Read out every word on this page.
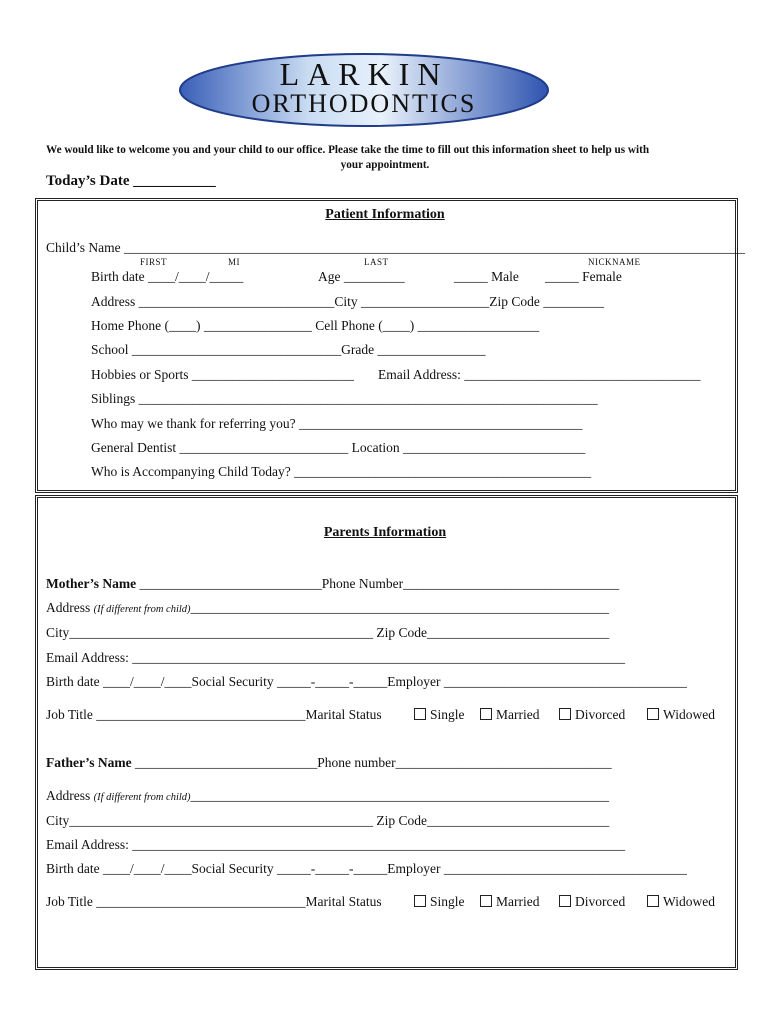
LARKIN
ORTHODONTICS
We would like to welcome you and your child to our office. Please take the time to fill out this information sheet to help us with
your appointment.
Today’s Date ___________
Patient Information
Child’s Name ____________________________________________________________________________________________
FIRST	MI	LAST	NICKNAME
Birth date ____/____/_____	Age _________	_____ Male _____ Female
Address _____________________________City ___________________Zip Code _________
Home Phone (____) ________________ Cell Phone (____) __________________
School _______________________________Grade ________________
Hobbies or Sports ________________________ Email Address: ___________________________________
Siblings ____________________________________________________________________
Who may we thank for referring you? __________________________________________
General Dentist _________________________ Location ___________________________
Who is Accompanying Child Today? ____________________________________________
Parents Information
Mother’s Name ___________________________Phone Number________________________________
Address (If different from child)______________________________________________________________
City_____________________________________________ Zip Code___________________________
Email Address: _________________________________________________________________________
Birth date ____/____/____Social Security _____-_____-_____Employer ____________________________________
Job Title _______________________________Marital Status	Single	Married	Divorced	Widowed
Father’s Name ___________________________Phone number________________________________
Address (If different from child)______________________________________________________________
City_____________________________________________ Zip Code___________________________
Email Address: _________________________________________________________________________
Birth date ____/____/____Social Security _____-_____-_____Employer ____________________________________
Job Title _______________________________Marital Status	Single	Married	Divorced	Widowed
